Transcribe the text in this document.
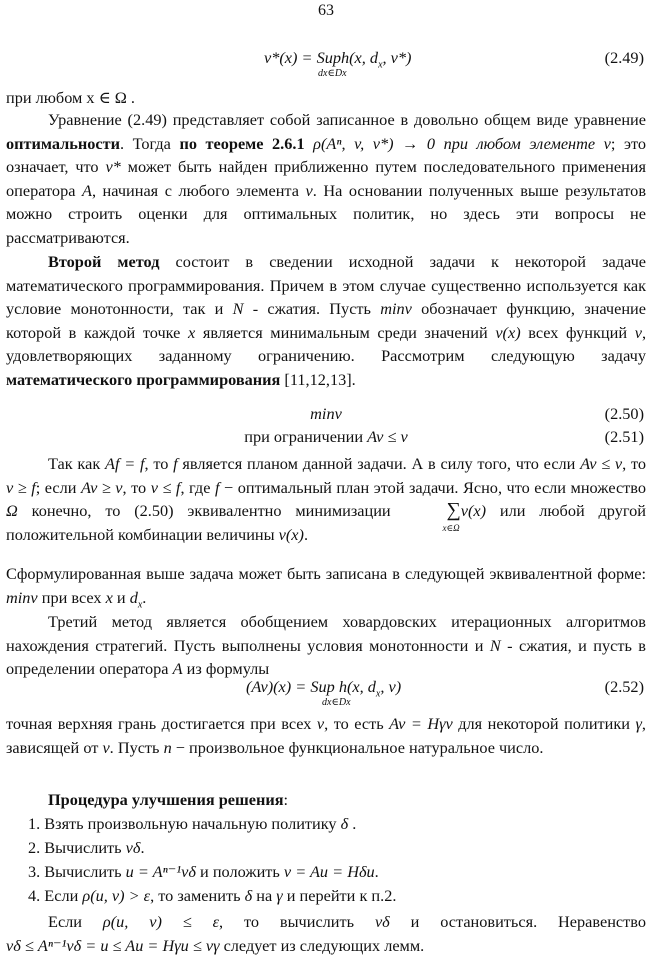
63
v*(x) = Suph(x, $d_x$, v*)
dx∈Dx
(2.49)
при любом x ∈ Ω .
Уравнение (2.49) представляет собой записанное в довольно общем виде уравнение оптимальности. Тогда по теореме 2.6.1 ρ(Aⁿ, v, v*) → 0 при любом элементе v; это означает, что v* может быть найден приближенно путем последовательного применения оператора A, начиная с любого элемента v. На основании полученных выше результатов можно строить оценки для оптимальных политик, но здесь эти вопросы не рассматриваются.
Второй метод состоит в сведении исходной задачи к некоторой задаче математического программирования. Причем в этом случае существенно используется как условие монотонности, так и N - сжатия. Пусть minv обозначает функцию, значение которой в каждой точке x является минимальным среди значений v(x) всех функций v, удовлетворяющих заданному ограничению. Рассмотрим следующую задачу математического программирования [11,12,13].
minv	(2.50)
при ограничении Av ≤ v	(2.51)
Так как Af = f, то f является планом данной задачи. А в силу того, что если Av ≤ v, то v ≥ f; если Av ≥ v, то v ≤ f, где f − оптимальный план этой задачи. Ясно, что если множество Ω конечно, то (2.50) эквивалентно минимизации ∑
x∈Ω
v(x) или любой другой положительной комбинации величины v(x).
Сформулированная выше задача может быть записана в следующей эквивалентной форме: minv при всех x и $d_x$.
Третий метод является обобщением ховардовских итерационных алгоритмов нахождения стратегий. Пусть выполнены условия монотонности и N - сжатия, и пусть в определении оператора A из формулы
(Av)(x) = Sup h(x, $d_x$, v)
dx∈Dx
(2.52)
точная верхняя грань достигается при всех v, то есть Av = Hγv для некоторой политики γ, зависящей от v. Пусть n − произвольное функциональное натуральное число.
Процедура улучшения решения:
1. Взять произвольную начальную политику δ .
2. Вычислить vδ.
3. Вычислить u = Aⁿ⁻¹vδ и положить v = Au = Hδu.
4. Если ρ(u, v) > ε, то заменить δ на γ и перейти к п.2.
Если ρ(u, v) ≤ ε, то вычислить vδ и остановиться. Неравенство vδ ≤ Aⁿ⁻¹vδ = u ≤ Au = Hγu ≤ vγ следует из следующих лемм.
